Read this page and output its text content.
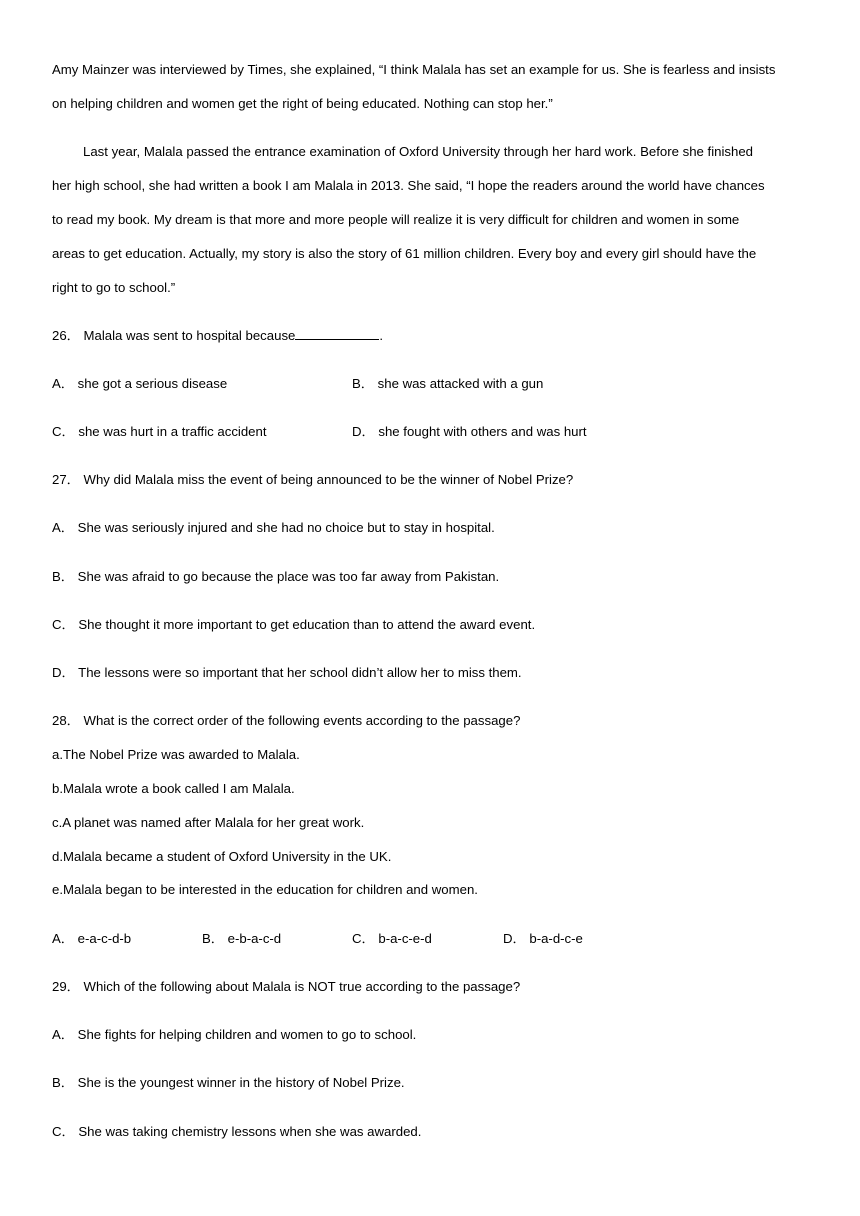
Amy Mainzer was interviewed by Times, she explained, “I think Malala has set an example for us. She is fearless and insists
on helping children and women get the right of being educated. Nothing can stop her.”
Last year, Malala passed the entrance examination of Oxford University through her hard work. Before she finished
her high school, she had written a book I am Malala in 2013. She said, “I hope the readers around the world have chances
to read my book. My dream is that more and more people will realize it is very difficult for children and women in some
areas to get education. Actually, my story is also the story of 61 million children. Every boy and every girl should have the
right to go to school.”
26． Malala was sent to hospital because	.
A． she got a serious disease	B． she was attacked with a gun
C． she was hurt in a traffic accident	D． she fought with others and was hurt
27． Why did Malala miss the event of being announced to be the winner of Nobel Prize?
A． She was seriously injured and she had no choice but to stay in hospital.
B． She was afraid to go because the place was too far away from Pakistan.
C． She thought it more important to get education than to attend the award event.
D． The lessons were so important that her school didn’t allow her to miss them.
28． What is the correct order of the following events according to the passage?
a.The Nobel Prize was awarded to Malala.
b.Malala wrote a book called I am Malala.
c.A planet was named after Malala for her great work.
d.Malala became a student of Oxford University in the UK.
e.Malala began to be interested in the education for children and women.
A． e-a-c-d-b	B． e-b-a-c-d	C． b-a-c-e-d	D． b-a-d-c-e
29． Which of the following about Malala is NOT true according to the passage?
A． She fights for helping children and women to go to school.
B． She is the youngest winner in the history of Nobel Prize.
C． She was taking chemistry lessons when she was awarded.
